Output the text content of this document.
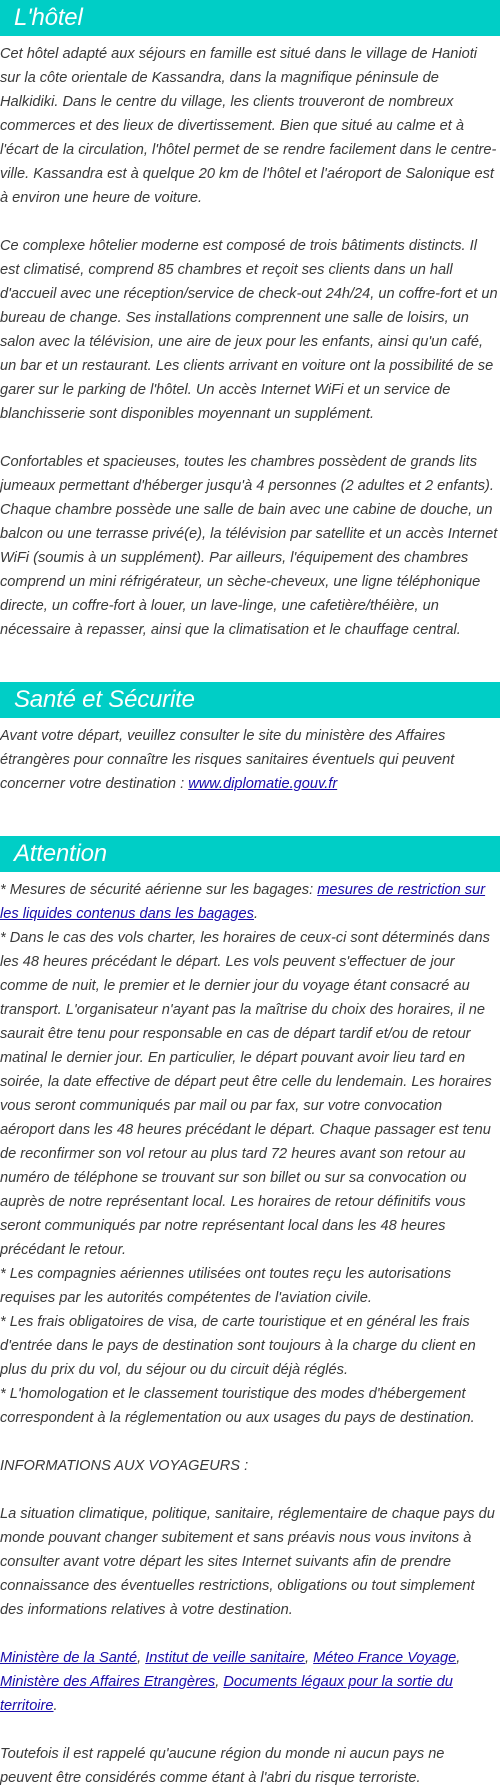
L'hôtel

Cet hôtel adapté aux séjours en famille est situé dans le village de Hanioti sur la côte orientale de Kassandra, dans la magnifique péninsule de Halkidiki. Dans le centre du village, les clients trouveront de nombreux commerces et des lieux de divertissement. Bien que situé au calme et à l'écart de la circulation, l'hôtel permet de se rendre facilement dans le centre-ville. Kassandra est à quelque 20 km de l'hôtel et l'aéroport de Salonique est à environ une heure de voiture.

Ce complexe hôtelier moderne est composé de trois bâtiments distincts. Il est climatisé, comprend 85 chambres et reçoit ses clients dans un hall d'accueil avec une réception/service de check-out 24h/24, un coffre-fort et un bureau de change. Ses installations comprennent une salle de loisirs, un salon avec la télévision, une aire de jeux pour les enfants, ainsi qu'un café, un bar et un restaurant. Les clients arrivant en voiture ont la possibilité de se garer sur le parking de l'hôtel. Un accès Internet WiFi et un service de blanchisserie sont disponibles moyennant un supplément.

Confortables et spacieuses, toutes les chambres possèdent de grands lits jumeaux permettant d'héberger jusqu'à 4 personnes (2 adultes et 2 enfants). Chaque chambre possède une salle de bain avec une cabine de douche, un balcon ou une terrasse privé(e), la télévision par satellite et un accès Internet WiFi (soumis à un supplément). Par ailleurs, l'équipement des chambres comprend un mini réfrigérateur, un sèche-cheveux, une ligne téléphonique directe, un coffre-fort à louer, un lave-linge, une cafetière/théière, un nécessaire à repasser, ainsi que la climatisation et le chauffage central.

Santé et Sécurite

Avant votre départ, veuillez consulter le site du ministère des Affaires étrangères pour connaître les risques sanitaires éventuels qui peuvent concerner votre destination : www.diplomatie.gouv.fr

Attention

* Mesures de sécurité aérienne sur les bagages: mesures de restriction sur les liquides contenus dans les bagages.

* Dans le cas des vols charter, les horaires de ceux-ci sont déterminés dans les 48 heures précédant le départ. Les vols peuvent s'effectuer de jour comme de nuit, le premier et le dernier jour du voyage étant consacré au transport. L'organisateur n'ayant pas la maîtrise du choix des horaires, il ne saurait être tenu pour responsable en cas de départ tardif et/ou de retour matinal le dernier jour. En particulier, le départ pouvant avoir lieu tard en soirée, la date effective de départ peut être celle du lendemain. Les horaires vous seront communiqués par mail ou par fax, sur votre convocation aéroport dans les 48 heures précédant le départ. Chaque passager est tenu de reconfirmer son vol retour au plus tard 72 heures avant son retour au numéro de téléphone se trouvant sur son billet ou sur sa convocation ou auprès de notre représentant local. Les horaires de retour définitifs vous seront communiqués par notre représentant local dans les 48 heures précédant le retour.

* Les compagnies aériennes utilisées ont toutes reçu les autorisations requises par les autorités compétentes de l'aviation civile.

* Les frais obligatoires de visa, de carte touristique et en général les frais d'entrée dans le pays de destination sont toujours à la charge du client en plus du prix du vol, du séjour ou du circuit déjà réglés.

* L'homologation et le classement touristique des modes d'hébergement correspondent à la réglementation ou aux usages du pays de destination.

INFORMATIONS AUX VOYAGEURS :

La situation climatique, politique, sanitaire, réglementaire de chaque pays du monde pouvant changer subitement et sans préavis nous vous invitons à consulter avant votre départ les sites Internet suivants afin de prendre connaissance des éventuelles restrictions, obligations ou tout simplement des informations relatives à votre destination.

Ministère de la Santé, Institut de veille sanitaire, Méteo France Voyage, Ministère des Affaires Etrangères, Documents légaux pour la sortie du territoire.

Toutefois il est rappelé qu'aucune région du monde ni aucun pays ne peuvent être considérés comme étant à l'abri du risque terroriste.
